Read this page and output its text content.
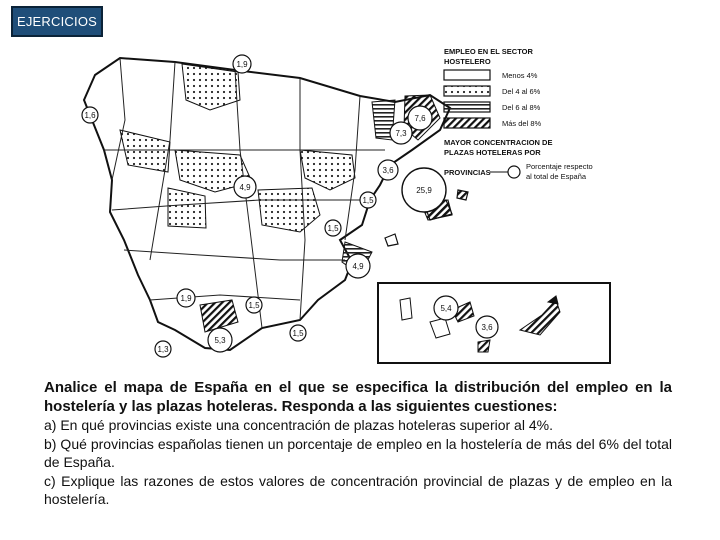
EJERCICIOS
1,9
1,6	7,6
7,3
4,9
3,6
25,9
1,5
1,5
4,9
1,9
1,5
1,5
5,3
1,3
5,4
3,6
EMPLEO EN EL SECTOR
HOSTELERO
Menos 4%
Del 4 al 6%
Del 6 al 8%
Más del 8%
MAYOR CONCENTRACION DE
PLAZAS HOTELERAS POR
PROVINCIAS
Porcentaje respecto
al total de España
Analice el mapa de España en el que se especifica la distribución del empleo en la hostelería y las plazas hoteleras. Responda a las siguientes cuestiones:
a) En qué provincias existe una concentración de plazas hoteleras superior al 4%.
b) Qué provincias españolas tienen un porcentaje de empleo en la hostelería de más del 6% del total de España.
c) Explique las razones de estos valores de concentración provincial de plazas y de empleo en la hostelería.
